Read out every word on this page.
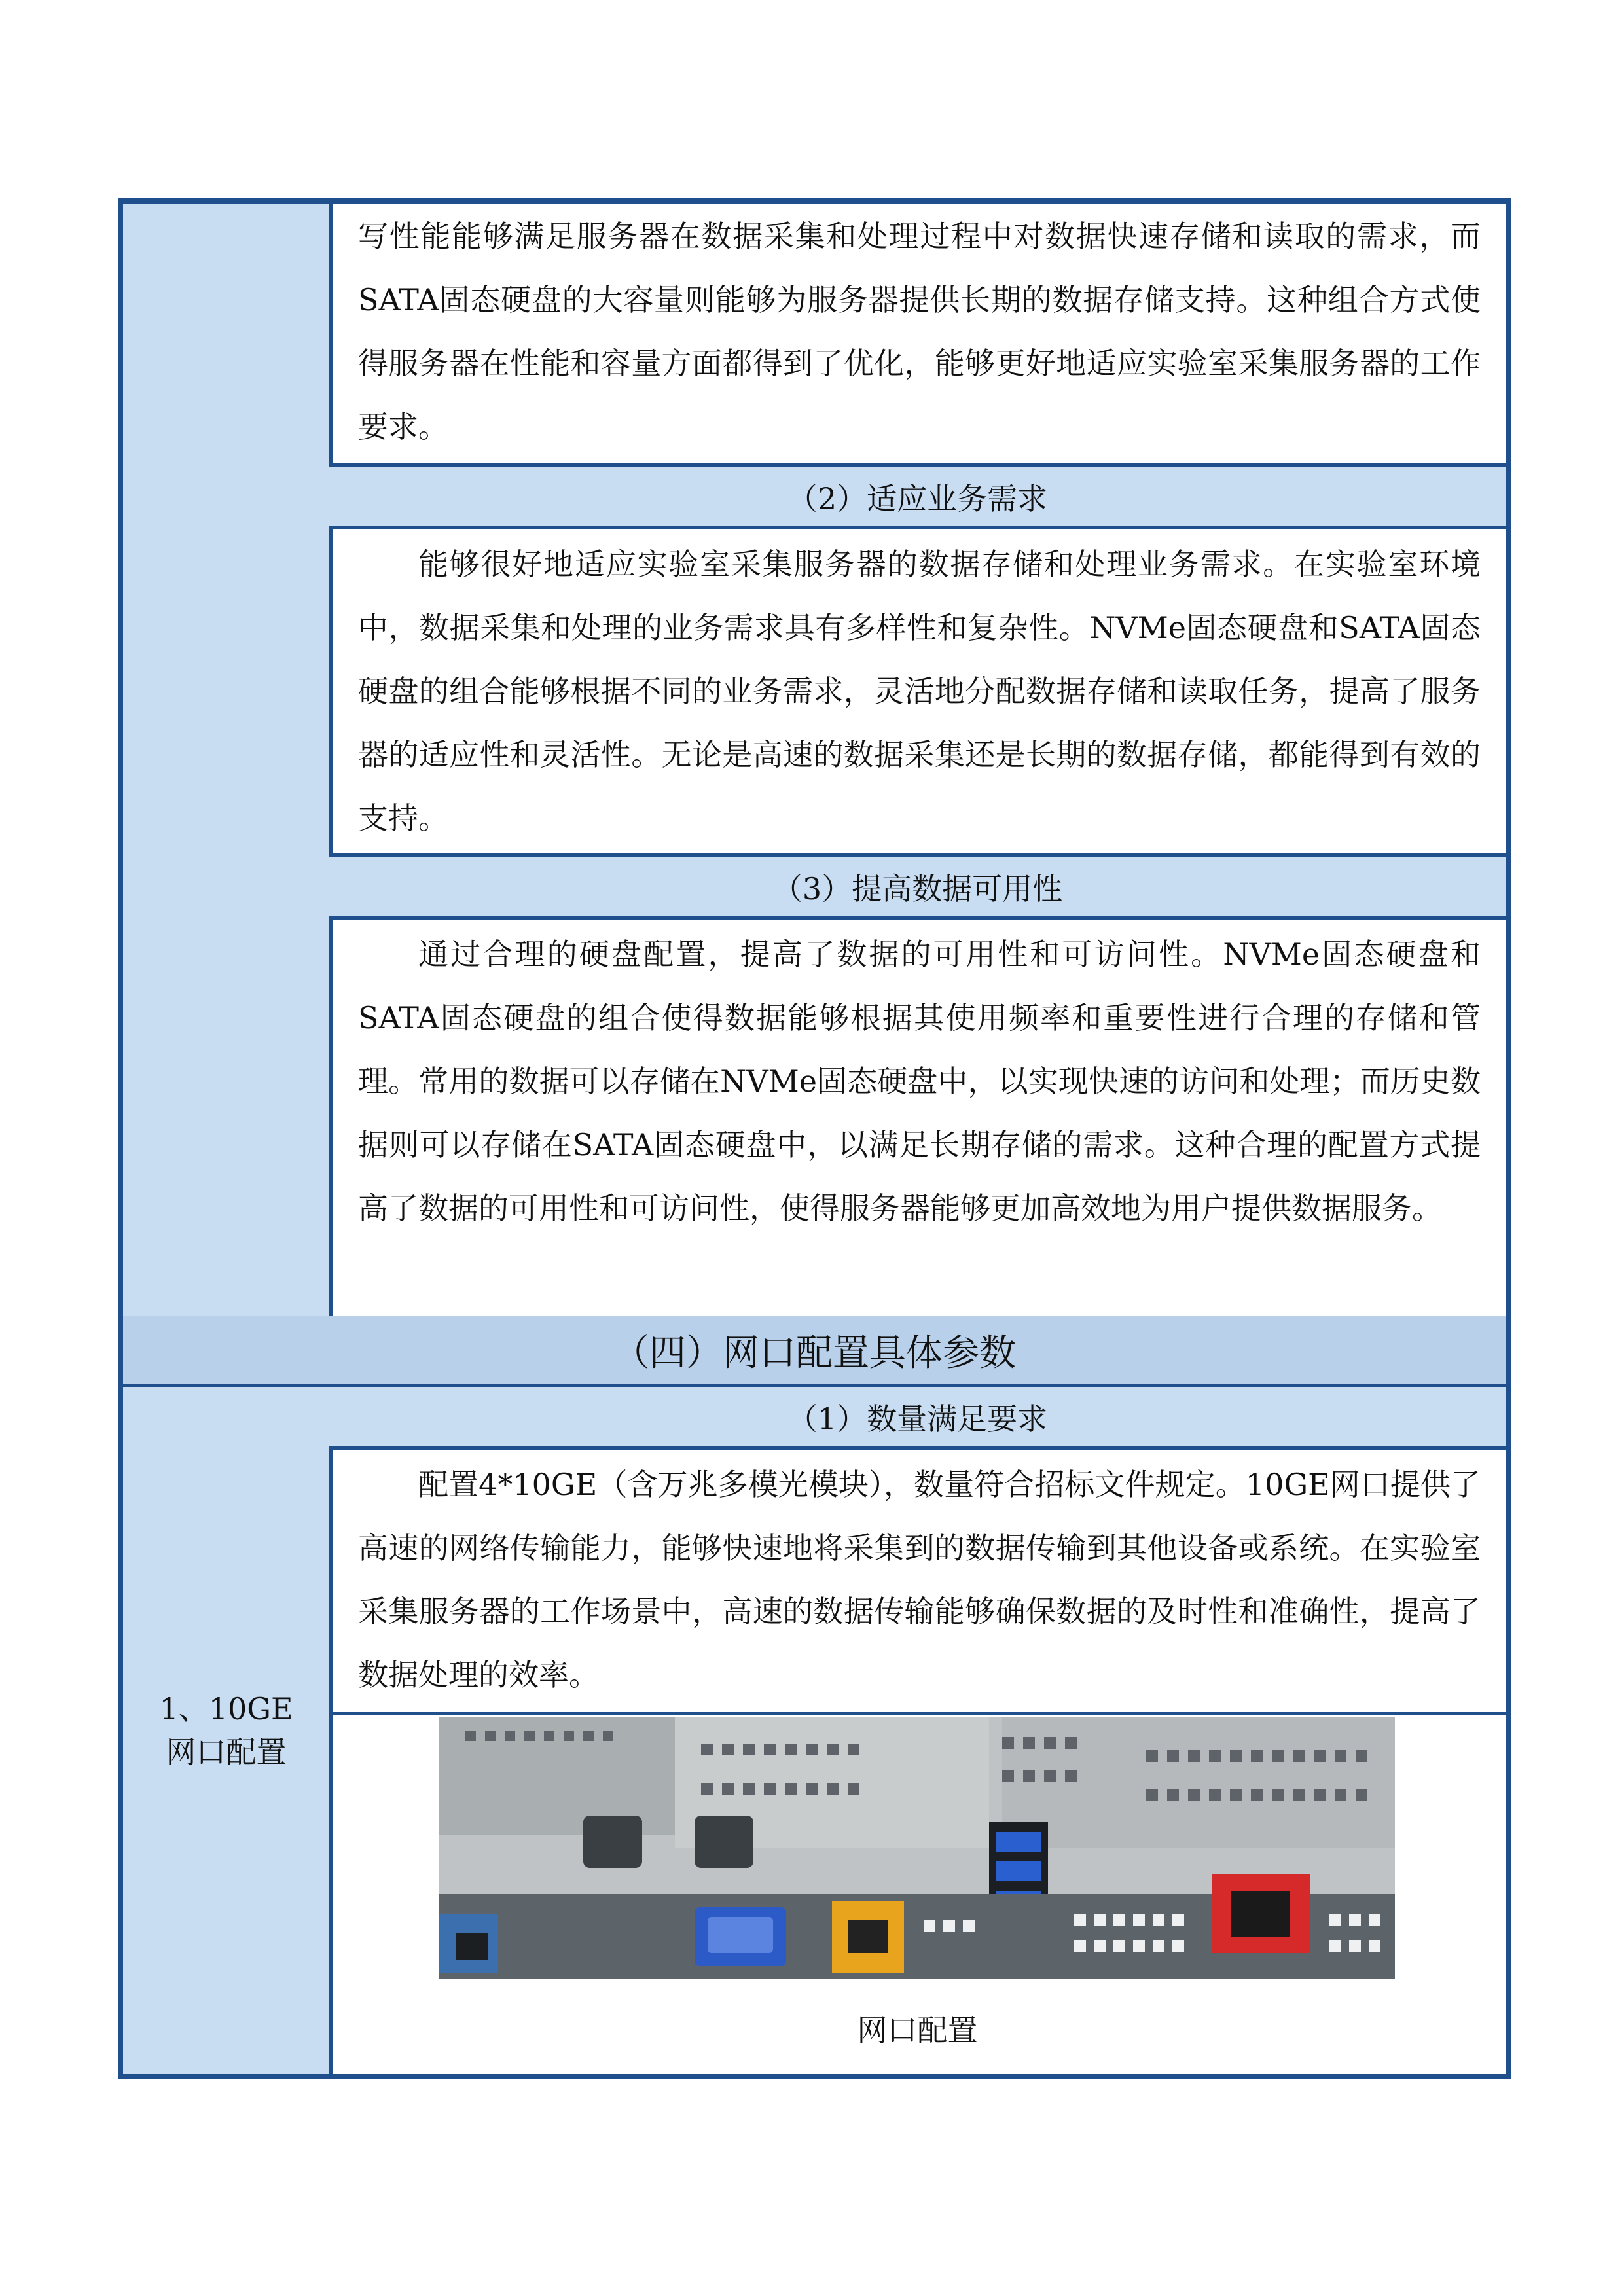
写性能能够满足服务器在数据采集和处理过程中对数据快速存储和读取的需求，而SATA固态硬盘的大容量则能够为服务器提供长期的数据存储支持。这种组合方式使得服务器在性能和容量方面都得到了优化，能够更好地适应实验室采集服务器的工作要求。
（2）适应业务需求
能够很好地适应实验室采集服务器的数据存储和处理业务需求。在实验室环境中，数据采集和处理的业务需求具有多样性和复杂性。NVMe固态硬盘和SATA固态硬盘的组合能够根据不同的业务需求，灵活地分配数据存储和读取任务，提高了服务器的适应性和灵活性。无论是高速的数据采集还是长期的数据存储，都能得到有效的支持。
（3）提高数据可用性
通过合理的硬盘配置，提高了数据的可用性和可访问性。NVMe固态硬盘和SATA固态硬盘的组合使得数据能够根据其使用频率和重要性进行合理的存储和管理。常用的数据可以存储在NVMe固态硬盘中，以实现快速的访问和处理；而历史数据则可以存储在SATA固态硬盘中，以满足长期存储的需求。这种合理的配置方式提高了数据的可用性和可访问性，使得服务器能够更加高效地为用户提供数据服务。
（四）网口配置具体参数
1、10GE
网口配置
（1）数量满足要求
配置4*10GE（含万兆多模光模块），数量符合招标文件规定。10GE网口提供了高速的网络传输能力，能够快速地将采集到的数据传输到其他设备或系统。在实验室采集服务器的工作场景中，高速的数据传输能够确保数据的及时性和准确性，提高了数据处理的效率。
网口配置
